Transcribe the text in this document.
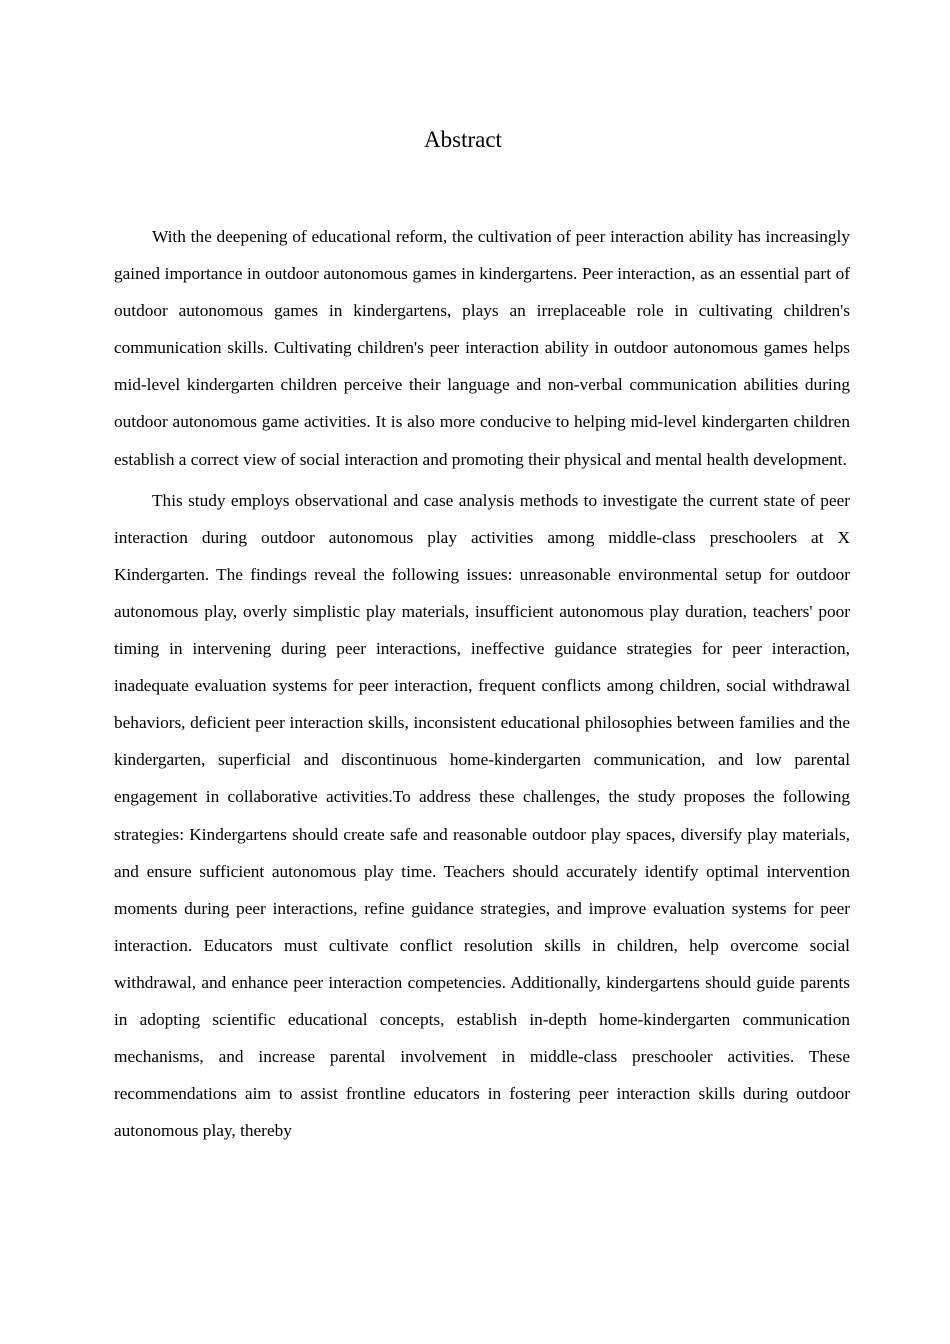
Abstract

With the deepening of educational reform, the cultivation of peer interaction ability has increasingly gained importance in outdoor autonomous games in kindergartens. Peer interaction, as an essential part of outdoor autonomous games in kindergartens, plays an irreplaceable role in cultivating children's communication skills. Cultivating children's peer interaction ability in outdoor autonomous games helps mid-level kindergarten children perceive their language and non-verbal communication abilities during outdoor autonomous game activities. It is also more conducive to helping mid-level kindergarten children establish a correct view of social interaction and promoting their physical and mental health development.

This study employs observational and case analysis methods to investigate the current state of peer interaction during outdoor autonomous play activities among middle-class preschoolers at X Kindergarten. The findings reveal the following issues: unreasonable environmental setup for outdoor autonomous play, overly simplistic play materials, insufficient autonomous play duration, teachers' poor timing in intervening during peer interactions, ineffective guidance strategies for peer interaction, inadequate evaluation systems for peer interaction, frequent conflicts among children, social withdrawal behaviors, deficient peer interaction skills, inconsistent educational philosophies between families and the kindergarten, superficial and discontinuous home-kindergarten communication, and low parental engagement in collaborative activities.To address these challenges, the study proposes the following strategies: Kindergartens should create safe and reasonable outdoor play spaces, diversify play materials, and ensure sufficient autonomous play time. Teachers should accurately identify optimal intervention moments during peer interactions, refine guidance strategies, and improve evaluation systems for peer interaction. Educators must cultivate conflict resolution skills in children, help overcome social withdrawal, and enhance peer interaction competencies. Additionally, kindergartens should guide parents in adopting scientific educational concepts, establish in-depth home-kindergarten communication mechanisms, and increase parental involvement in middle-class preschooler activities. These recommendations aim to assist frontline educators in fostering peer interaction skills during outdoor autonomous play, thereby
